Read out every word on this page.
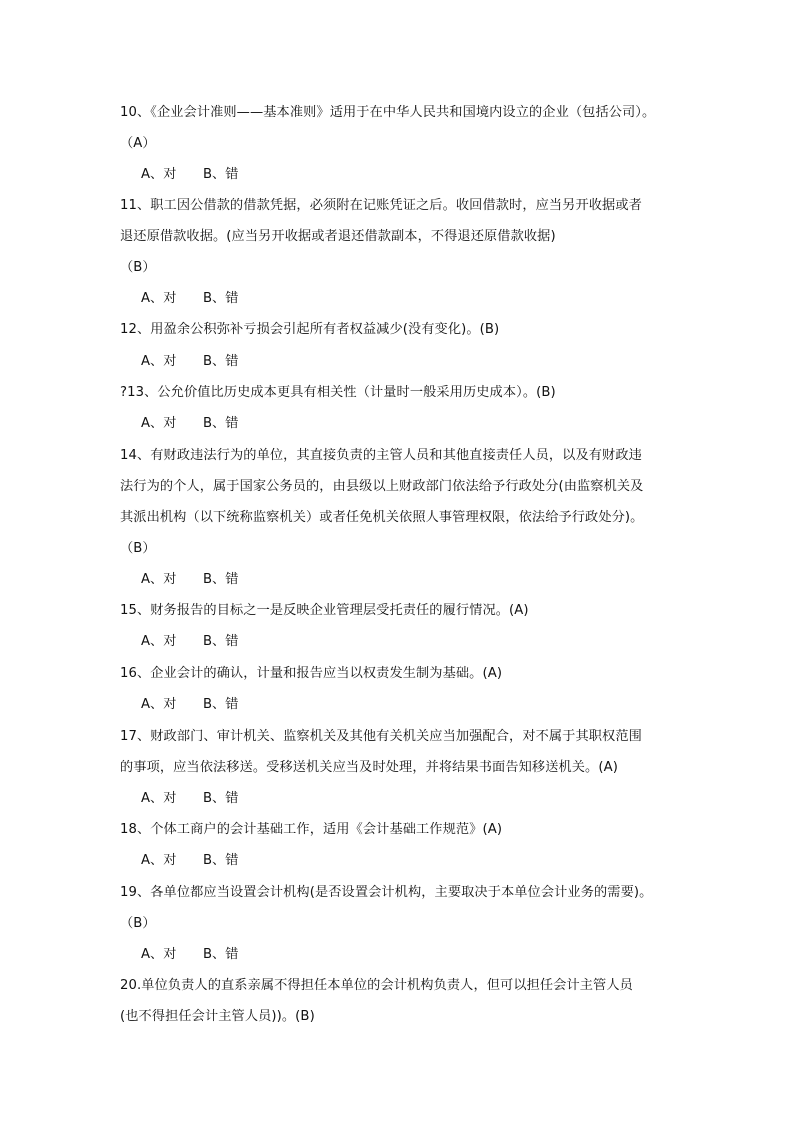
10、《企业会计准则——基本准则》适用于在中华人民共和国境内设立的企业（包括公司）。
（A）
A、对 B、错
11、职工因公借款的借款凭据，必须附在记账凭证之后。收回借款时，应当另开收据或者
退还原借款收据。(应当另开收据或者退还借款副本，不得退还原借款收据)
（B）
A、对 B、错
12、用盈余公积弥补亏损会引起所有者权益减少(没有变化)。(B)
A、对 B、错
?13、公允价值比历史成本更具有相关性（计量时一般采用历史成本）。(B)
A、对 B、错
14、有财政违法行为的单位，其直接负责的主管人员和其他直接责任人员，以及有财政违
法行为的个人，属于国家公务员的，由县级以上财政部门依法给予行政处分(由监察机关及
其派出机构（以下统称监察机关）或者任免机关依照人事管理权限，依法给予行政处分)。
（B）
A、对 B、错
15、财务报告的目标之一是反映企业管理层受托责任的履行情况。(A)
A、对 B、错
16、企业会计的确认，计量和报告应当以权责发生制为基础。(A)
A、对 B、错
17、财政部门、审计机关、监察机关及其他有关机关应当加强配合，对不属于其职权范围
的事项，应当依法移送。受移送机关应当及时处理，并将结果书面告知移送机关。(A)
A、对 B、错
18、个体工商户的会计基础工作，适用《会计基础工作规范》(A)
A、对 B、错
19、各单位都应当设置会计机构(是否设置会计机构，主要取决于本单位会计业务的需要)。
（B）
A、对 B、错
20.单位负责人的直系亲属不得担任本单位的会计机构负责人，但可以担任会计主管人员
(也不得担任会计主管人员))。(B)
